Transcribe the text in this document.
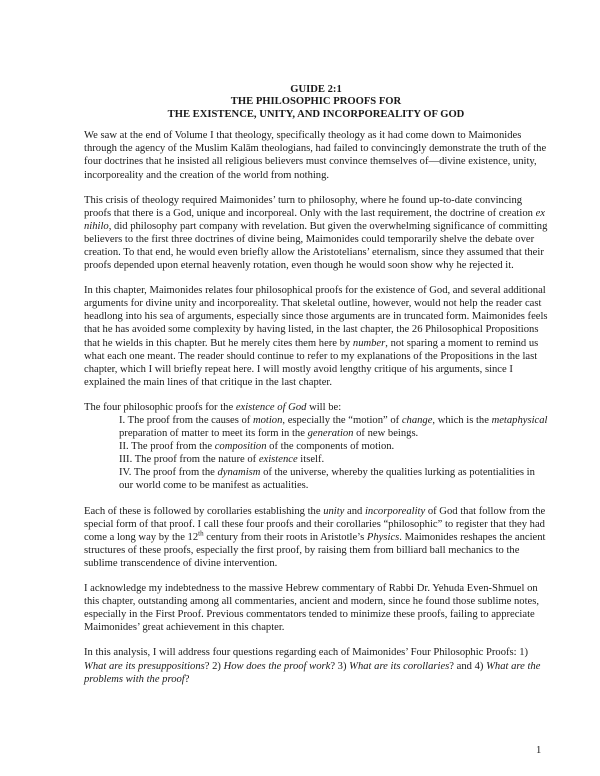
GUIDE 2:1
THE PHILOSOPHIC PROOFS FOR
THE EXISTENCE, UNITY, AND INCORPOREALITY OF GOD

We saw at the end of Volume I that theology, specifically theology as it had come down to Maimonides through the agency of the Muslim Kalām theologians, had failed to convincingly demonstrate the truth of the four doctrines that he insisted all religious believers must convince themselves of—divine existence, unity, incorporeality and the creation of the world from nothing.

This crisis of theology required Maimonides’ turn to philosophy, where he found up-to-date convincing proofs that there is a God, unique and incorporeal. Only with the last requirement, the doctrine of creation ex nihilo, did philosophy part company with revelation. But given the overwhelming significance of committing believers to the first three doctrines of divine being, Maimonides could temporarily shelve the debate over creation. To that end, he would even briefly allow the Aristotelians’ eternalism, since they assumed that their proofs depended upon eternal heavenly rotation, even though he would soon show why he rejected it.

In this chapter, Maimonides relates four philosophical proofs for the existence of God, and several additional arguments for divine unity and incorporeality. That skeletal outline, however, would not help the reader cast headlong into his sea of arguments, especially since those arguments are in truncated form. Maimonides feels that he has avoided some complexity by having listed, in the last chapter, the 26 Philosophical Propositions that he wields in this chapter. But he merely cites them here by number, not sparing a moment to remind us what each one meant. The reader should continue to refer to my explanations of the Propositions in the last chapter, which I will briefly repeat here. I will mostly avoid lengthy critique of his arguments, since I explained the main lines of that critique in the last chapter.

The four philosophic proofs for the existence of God will be:
I. The proof from the causes of motion, especially the “motion” of change, which is the metaphysical preparation of matter to meet its form in the generation of new beings.
II. The proof from the composition of the components of motion.
III. The proof from the nature of existence itself.
IV. The proof from the dynamism of the universe, whereby the qualities lurking as potentialities in our world come to be manifest as actualities.

Each of these is followed by corollaries establishing the unity and incorporeality of God that follow from the special form of that proof. I call these four proofs and their corollaries “philosophic” to register that they had come a long way by the 12th century from their roots in Aristotle’s Physics. Maimonides reshapes the ancient structures of these proofs, especially the first proof, by raising them from billiard ball mechanics to the sublime transcendence of divine intervention.

I acknowledge my indebtedness to the massive Hebrew commentary of Rabbi Dr. Yehuda Even-Shmuel on this chapter, outstanding among all commentaries, ancient and modern, since he found those sublime notes, especially in the First Proof. Previous commentators tended to minimize these proofs, failing to appreciate Maimonides’ great achievement in this chapter.

In this analysis, I will address four questions regarding each of Maimonides’ Four Philosophic Proofs: 1) What are its presuppositions? 2) How does the proof work? 3) What are its corollaries? and 4) What are the problems with the proof?

1
